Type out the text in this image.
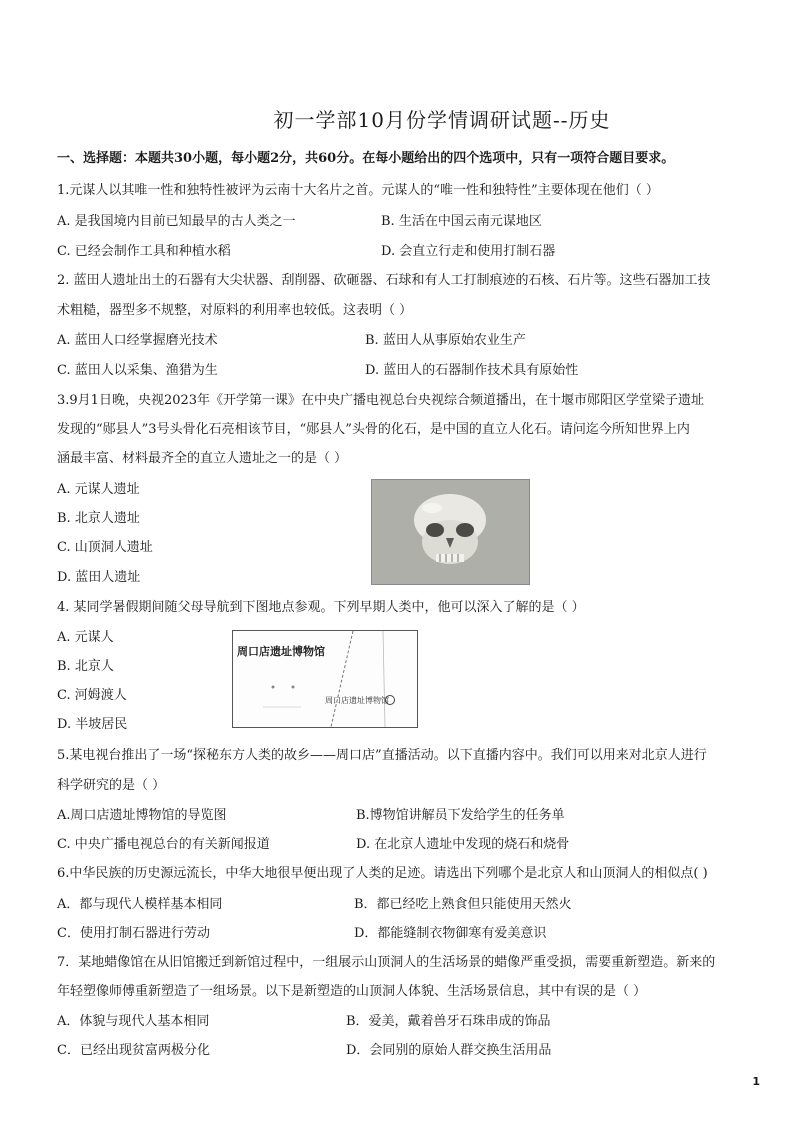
初一学部10月份学情调研试题--历史
一、选择题：本题共30小题，每小题2分，共60分。在每小题给出的四个选项中，只有一项符合题目要求。
1.元谋人以其唯一性和独特性被评为云南十大名片之首。元谋人的“唯一性和独特性”主要体现在他们（ ）
A. 是我国境内目前已知最早的古人类之一	B. 生活在中国云南元谋地区
C. 已经会制作工具和种植水稻	D. 会直立行走和使用打制石器
2. 蓝田人遗址出土的石器有大尖状器、刮削器、砍砸器、石球和有人工打制痕迹的石核、石片等。这些石器加工技
术粗糙，器型多不规整，对原料的利用率也较低。这表明（ ）
A. 蓝田人口经掌握磨光技术	B. 蓝田人从事原始农业生产
C. 蓝田人以采集、渔猎为生	D. 蓝田人的石器制作技术具有原始性
3.9月1日晚，央视2023年《开学第一课》在中央广播电视总台央视综合频道播出，在十堰市郧阳区学堂梁子遗址
发现的“郧县人”3号头骨化石亮相该节目，“郧县人”头骨的化石，是中国的直立人化石。请问迄今所知世界上内
涵最丰富、材料最齐全的直立人遗址之一的是（ ）
A. 元谋人遗址
B. 北京人遗址
C. 山顶洞人遗址
D. 蓝田人遗址
4. 某同学暑假期间随父母导航到下图地点参观。下列早期人类中，他可以深入了解的是（ ）
A. 元谋人
B. 北京人
C. 河姆渡人
D. 半坡居民
周口店遗址博物馆
周口店遗址博物馆
5.某电视台推出了一场“探秘东方人类的故乡——周口店”直播活动。以下直播内容中。我们可以用来对北京人进行
科学研究的是（ ）
A.周口店遗址博物馆的导览图	B.博物馆讲解员下发给学生的任务单
C. 中央广播电视总台的有关新闻报道	D. 在北京人遗址中发现的烧石和烧骨
6.中华民族的历史源远流长，中华大地很早便出现了人类的足迹。请选出下列哪个是北京人和山顶洞人的相似点( )
A．都与现代人模样基本相同	B．都已经吃上熟食但只能使用天然火
C．使用打制石器进行劳动	D．都能缝制衣物御寒有爱美意识
7．某地蜡像馆在从旧馆搬迁到新馆过程中，一组展示山顶洞人的生活场景的蜡像严重受损，需要重新塑造。新来的
年轻塑像师傅重新塑造了一组场景。以下是新塑造的山顶洞人体貌、生活场景信息，其中有误的是（ ）
A．体貌与现代人基本相同	B．爱美，戴着兽牙石珠串成的饰品
C．已经出现贫富两极分化	D．会同别的原始人群交换生活用品
1
